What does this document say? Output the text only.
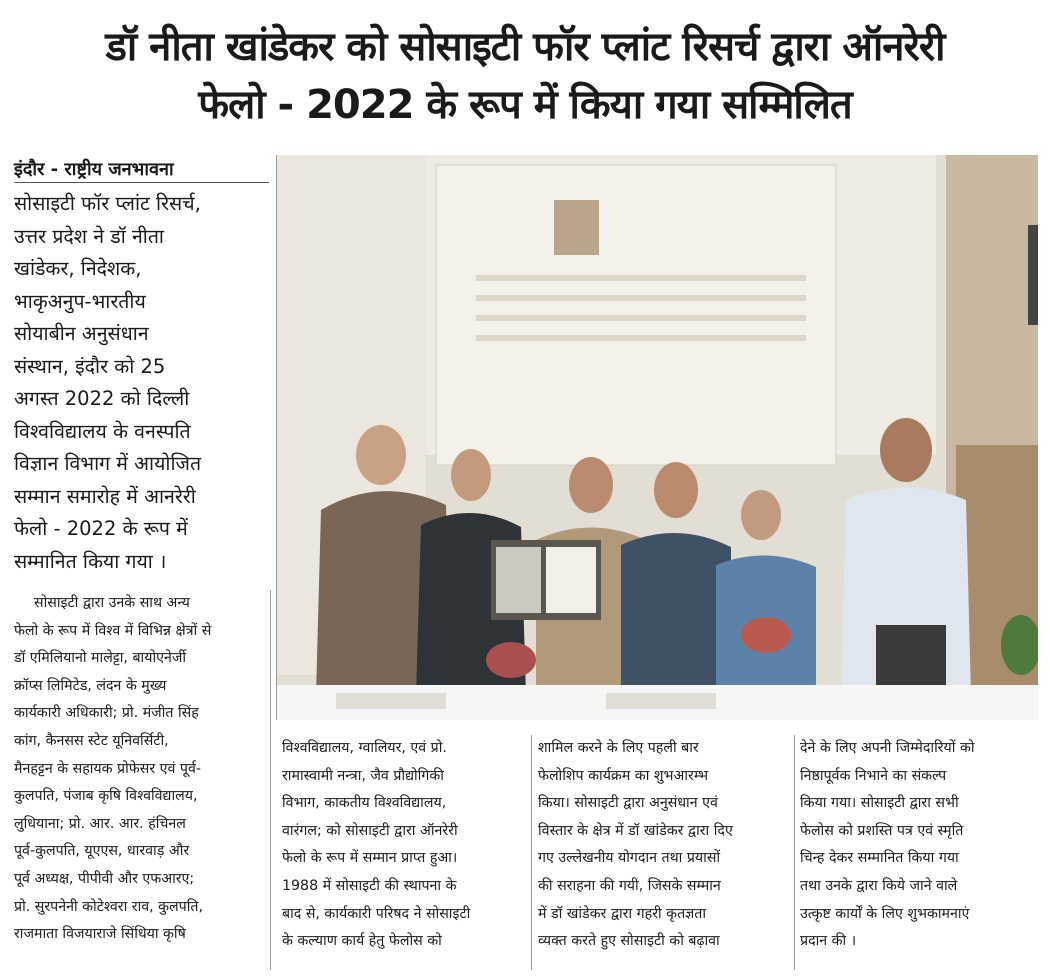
डॉ नीता खांडेकर को सोसाइटी फॉर प्लांट रिसर्च द्वारा ऑनरेरी
फेलो - 2022 के रूप में किया गया सम्मिलित
इंदौर - राष्ट्रीय जनभावना
सोसाइटी फॉर प्लांट रिसर्च,
उत्तर प्रदेश ने डॉ नीता
खांडेकर, निदेशक,
भाकृअनुप-भारतीय
सोयाबीन अनुसंधान
संस्थान, इंदौर को 25
अगस्त 2022 को दिल्ली
विश्वविद्यालय के वनस्पति
विज्ञान विभाग में आयोजित
सम्मान समारोह में आनरेरी
फेलो - 2022 के रूप में
सम्मानित किया गया ।
सोसाइटी द्वारा उनके साथ अन्य
फेलो के रूप में विश्व में विभिन्न क्षेत्रों से
डॉ एमिलियानो मालेट्टा, बायोएनेर्जी
क्रॉप्स लिमिटेड, लंदन के मुख्य
कार्यकारी अधिकारी; प्रो. मंजीत सिंह
कांग, कैनसस स्टेट यूनिवर्सिटी,
मैनहट्टन के सहायक प्रोफेसर एवं पूर्व-
कुलपति, पंजाब कृषि विश्वविद्यालय,
लुधियाना; प्रो. आर. आर. हंचिनल
पूर्व-कुलपति, यूएएस, धारवाड़ और
पूर्व अध्यक्ष, पीपीवी और एफआरए;
प्रो. सुरपनेनी कोटेश्वरा राव, कुलपति,
राजमाता विजयाराजे सिंधिया कृषि
विश्वविद्यालय, ग्वालियर, एवं प्रो.
रामास्वामी नन्त्रा, जैव प्रौद्योगिकी
विभाग, काकतीय विश्वविद्यालय,
वारंगल; को सोसाइटी द्वारा ऑनरेरी
फेलो के रूप में सम्मान प्राप्त हुआ।
1988 में सोसाइटी की स्थापना के
बाद से, कार्यकारी परिषद ने सोसाइटी
के कल्याण कार्य हेतु फेलोस को
शामिल करने के लिए पहली बार
फेलोशिप कार्यक्रम का शुभआरम्भ
किया। सोसाइटी द्वारा अनुसंधान एवं
विस्तार के क्षेत्र में डॉ खांडेकर द्वारा दिए
गए उल्लेखनीय योगदान तथा प्रयासों
की सराहना की गयी, जिसके सम्मान
में डॉ खांडेकर द्वारा गहरी कृतज्ञता
व्यक्त करते हुए सोसाइटी को बढ़ावा
देने के लिए अपनी जिम्मेदारियों को
निष्ठापूर्वक निभाने का संकल्प
किया गया। सोसाइटी द्वारा सभी
फेलोस को प्रशस्ति पत्र एवं स्मृति
चिन्ह देकर सम्मानित किया गया
तथा उनके द्वारा किये जाने वाले
उत्कृष्ट कार्यों के लिए शुभकामनाएं
प्रदान की ।
